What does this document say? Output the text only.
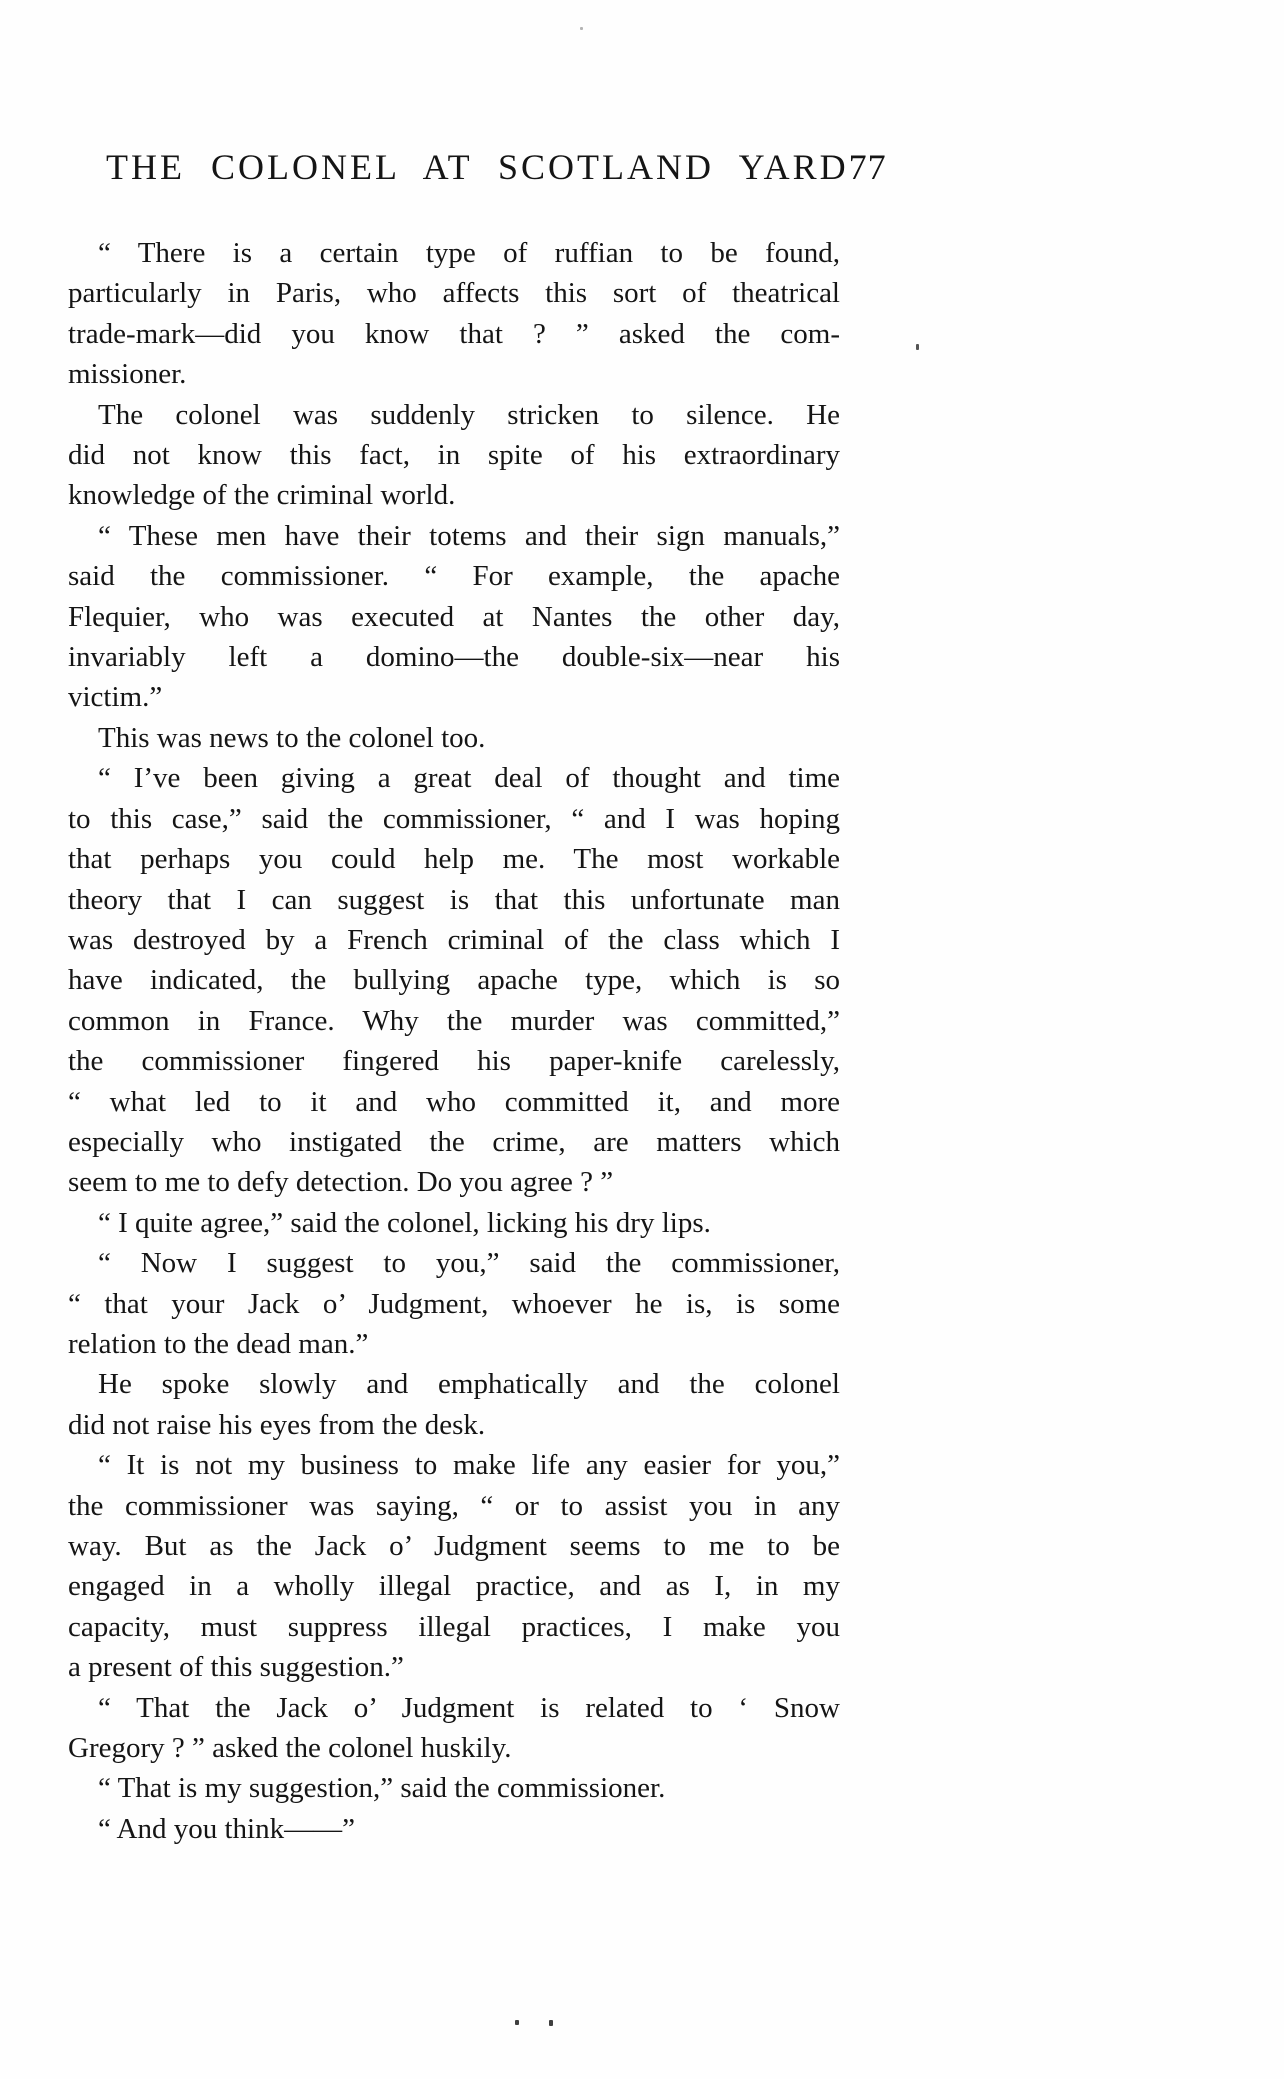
THE COLONEL AT SCOTLAND YARD 77
“ There is a certain type of ruffian to be found,
particularly in Paris, who affects this sort of theatrical
trade-mark—did you know that ? ” asked the com-
missioner.
The colonel was suddenly stricken to silence. He
did not know this fact, in spite of his extraordinary
knowledge of the criminal world.
“ These men have their totems and their sign manuals,”
said the commissioner. “ For example, the apache
Flequier, who was executed at Nantes the other day,
invariably left a domino—the double-six—near his
victim.”
This was news to the colonel too.
“ I’ve been giving a great deal of thought and time
to this case,” said the commissioner, “ and I was hoping
that perhaps you could help me. The most workable
theory that I can suggest is that this unfortunate man
was destroyed by a French criminal of the class which I
have indicated, the bullying apache type, which is so
common in France. Why the murder was committed,”
the commissioner fingered his paper-knife carelessly,
“ what led to it and who committed it, and more
especially who instigated the crime, are matters which
seem to me to defy detection. Do you agree ? ”
“ I quite agree,” said the colonel, licking his dry lips.
“ Now I suggest to you,” said the commissioner,
“ that your Jack o’ Judgment, whoever he is, is some
relation to the dead man.”
He spoke slowly and emphatically and the colonel
did not raise his eyes from the desk.
“ It is not my business to make life any easier for you,”
the commissioner was saying, “ or to assist you in any
way. But as the Jack o’ Judgment seems to me to be
engaged in a wholly illegal practice, and as I, in my
capacity, must suppress illegal practices, I make you
a present of this suggestion.”
“ That the Jack o’ Judgment is related to ‘ Snow
Gregory ? ” asked the colonel huskily.
“ That is my suggestion,” said the commissioner.
“ And you think——”
